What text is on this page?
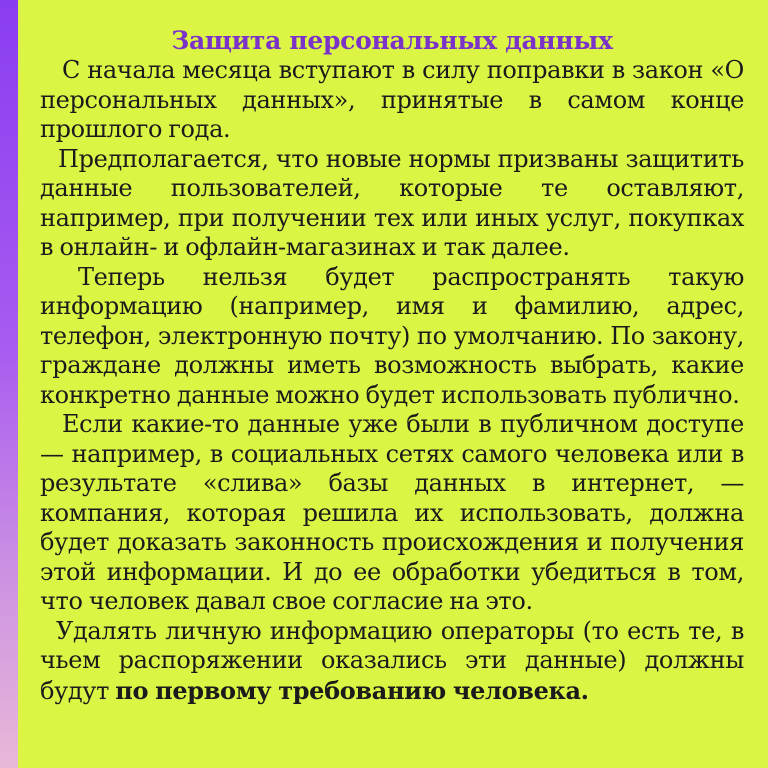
Защита персональных данных

С начала месяца вступают в силу поправки в закон «О персональных данных», принятые в самом конце прошлого года.

Предполагается, что новые нормы призваны защитить данные пользователей, которые те оставляют, например, при получении тех или иных услуг, покупках в онлайн- и офлайн-магазинах и так далее.

Теперь нельзя будет распространять такую информацию (например, имя и фамилию, адрес, телефон, электронную почту) по умолчанию. По закону, граждане должны иметь возможность выбрать, какие конкретно данные можно будет использовать публично.

Если какие-то данные уже были в публичном доступе — например, в социальных сетях самого человека или в результате «слива» базы данных в интернет, — компания, которая решила их использовать, должна будет доказать законность происхождения и получения этой информации. И до ее обработки убедиться в том, что человек давал свое согласие на это.

Удалять личную информацию операторы (то есть те, в чьем распоряжении оказались эти данные) должны будут по первому требованию человека.
